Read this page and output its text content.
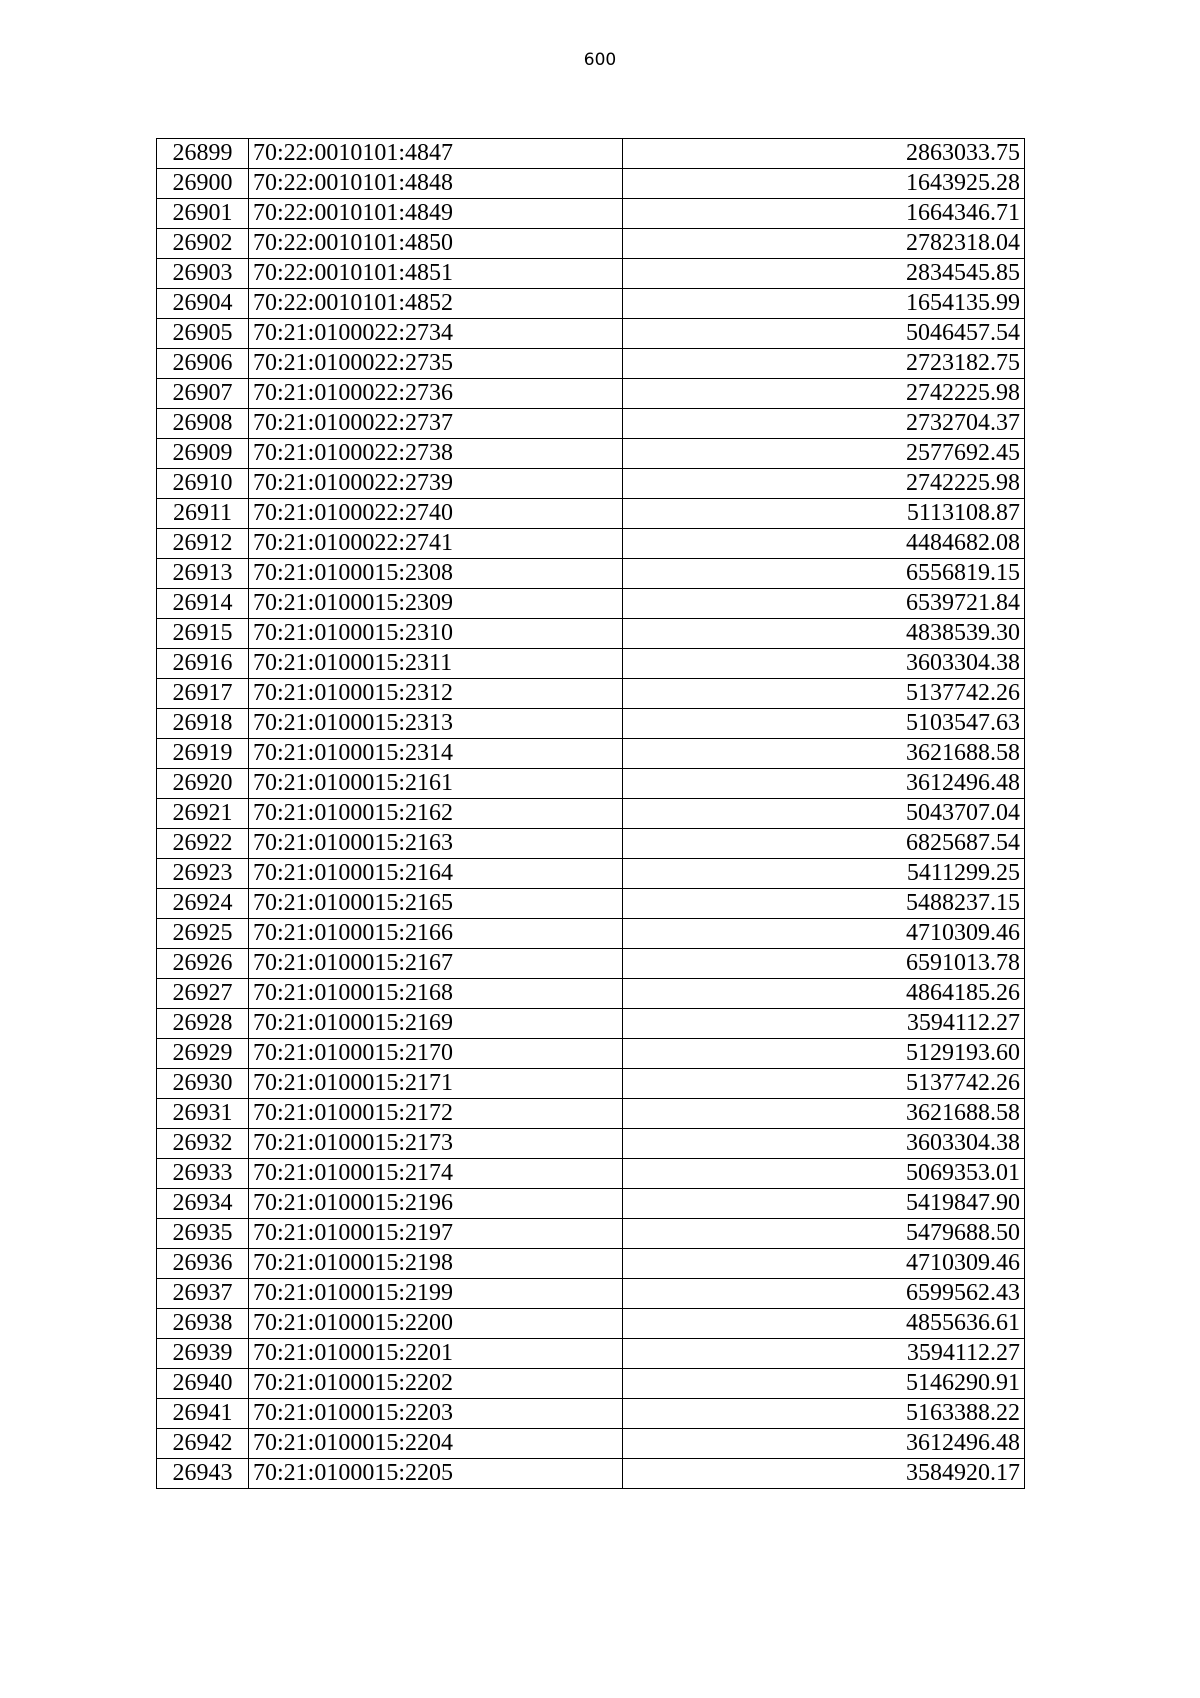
600
26899	70:22:0010101:4847	2863033.75
26900	70:22:0010101:4848	1643925.28
26901	70:22:0010101:4849	1664346.71
26902	70:22:0010101:4850	2782318.04
26903	70:22:0010101:4851	2834545.85
26904	70:22:0010101:4852	1654135.99
26905	70:21:0100022:2734	5046457.54
26906	70:21:0100022:2735	2723182.75
26907	70:21:0100022:2736	2742225.98
26908	70:21:0100022:2737	2732704.37
26909	70:21:0100022:2738	2577692.45
26910	70:21:0100022:2739	2742225.98
26911	70:21:0100022:2740	5113108.87
26912	70:21:0100022:2741	4484682.08
26913	70:21:0100015:2308	6556819.15
26914	70:21:0100015:2309	6539721.84
26915	70:21:0100015:2310	4838539.30
26916	70:21:0100015:2311	3603304.38
26917	70:21:0100015:2312	5137742.26
26918	70:21:0100015:2313	5103547.63
26919	70:21:0100015:2314	3621688.58
26920	70:21:0100015:2161	3612496.48
26921	70:21:0100015:2162	5043707.04
26922	70:21:0100015:2163	6825687.54
26923	70:21:0100015:2164	5411299.25
26924	70:21:0100015:2165	5488237.15
26925	70:21:0100015:2166	4710309.46
26926	70:21:0100015:2167	6591013.78
26927	70:21:0100015:2168	4864185.26
26928	70:21:0100015:2169	3594112.27
26929	70:21:0100015:2170	5129193.60
26930	70:21:0100015:2171	5137742.26
26931	70:21:0100015:2172	3621688.58
26932	70:21:0100015:2173	3603304.38
26933	70:21:0100015:2174	5069353.01
26934	70:21:0100015:2196	5419847.90
26935	70:21:0100015:2197	5479688.50
26936	70:21:0100015:2198	4710309.46
26937	70:21:0100015:2199	6599562.43
26938	70:21:0100015:2200	4855636.61
26939	70:21:0100015:2201	3594112.27
26940	70:21:0100015:2202	5146290.91
26941	70:21:0100015:2203	5163388.22
26942	70:21:0100015:2204	3612496.48
26943	70:21:0100015:2205	3584920.17
